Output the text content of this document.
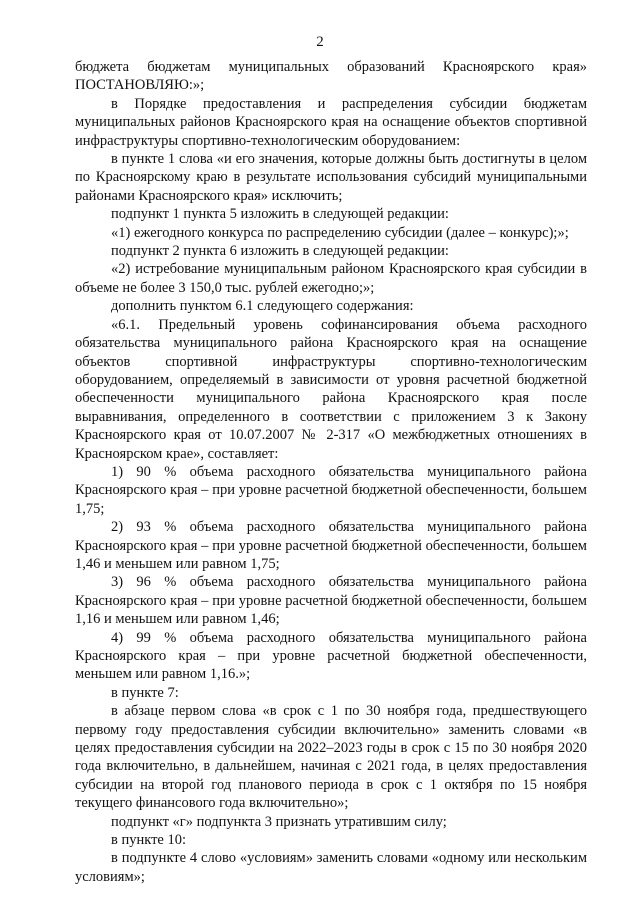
2

бюджета бюджетам муниципальных образований Красноярского края» ПОСТАНОВЛЯЮ:»;

в Порядке предоставления и распределения субсидии бюджетам муниципальных районов Красноярского края на оснащение объектов спортивной инфраструктуры спортивно-технологическим оборудованием:

в пункте 1 слова «и его значения, которые должны быть достигнуты в целом по Красноярскому краю в результате использования субсидий муниципальными районами Красноярского края» исключить;

подпункт 1 пункта 5 изложить в следующей редакции:

«1) ежегодного конкурса по распределению субсидии (далее – конкурс);»;

подпункт 2 пункта 6 изложить в следующей редакции:

«2) истребование муниципальным районом Красноярского края субсидии в объеме не более 3 150,0 тыс. рублей ежегодно;»;

дополнить пунктом 6.1 следующего содержания:

«6.1. Предельный уровень софинансирования объема расходного обязательства муниципального района Красноярского края на оснащение объектов спортивной инфраструктуры спортивно-технологическим оборудованием, определяемый в зависимости от уровня расчетной бюджетной обеспеченности муниципального района Красноярского края после выравнивания, определенного в соответствии с приложением 3 к Закону Красноярского края от 10.07.2007 № 2-317 «О межбюджетных отношениях в Красноярском крае», составляет:

1) 90 % объема расходного обязательства муниципального района Красноярского края – при уровне расчетной бюджетной обеспеченности, большем 1,75;

2) 93 % объема расходного обязательства муниципального района Красноярского края – при уровне расчетной бюджетной обеспеченности, большем 1,46 и меньшем или равном 1,75;

3) 96 % объема расходного обязательства муниципального района Красноярского края – при уровне расчетной бюджетной обеспеченности, большем 1,16 и меньшем или равном 1,46;

4) 99 % объема расходного обязательства муниципального района Красноярского края – при уровне расчетной бюджетной обеспеченности, меньшем или равном 1,16.»;

в пункте 7:

в абзаце первом слова «в срок с 1 по 30 ноября года, предшествующего первому году предоставления субсидии включительно» заменить словами «в целях предоставления субсидии на 2022–2023 годы в срок с 15 по 30 ноября 2020 года включительно, в дальнейшем, начиная с 2021 года, в целях предоставления субсидии на второй год планового периода в срок с 1 октября по 15 ноября текущего финансового года включительно»;

подпункт «г» подпункта 3 признать утратившим силу;

в пункте 10:

в подпункте 4 слово «условиям» заменить словами «одному или нескольким условиям»;
